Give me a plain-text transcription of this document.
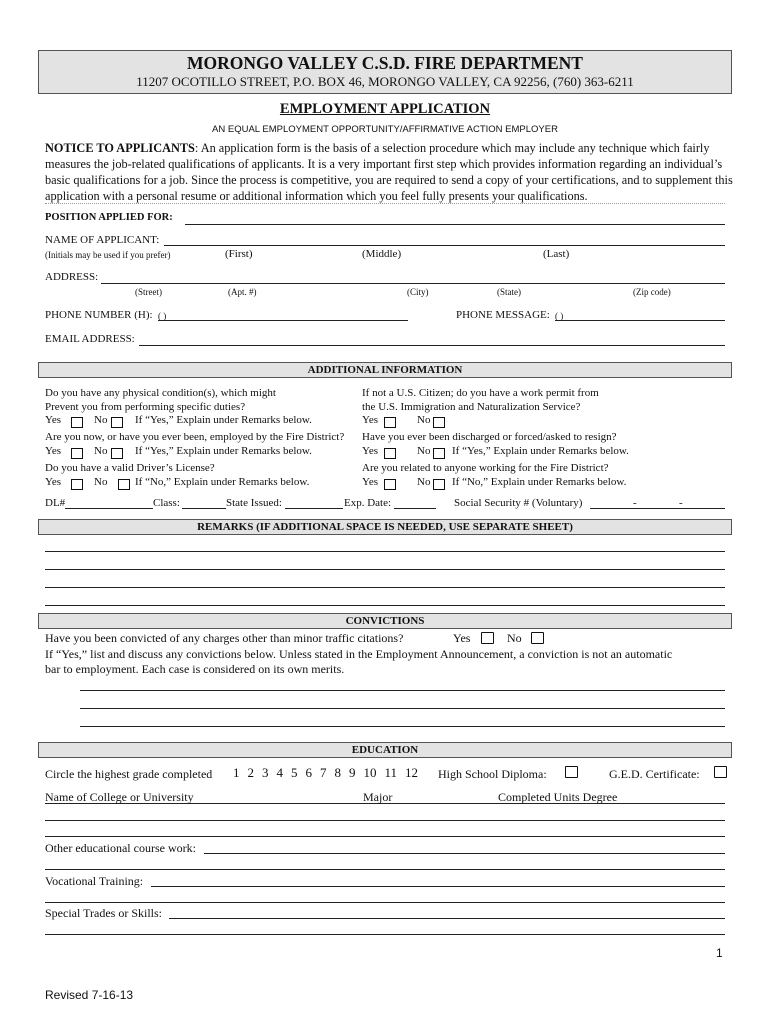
MORONGO VALLEY C.S.D. FIRE DEPARTMENT
11207 OCOTILLO STREET, P.O. BOX 46, MORONGO VALLEY, CA 92256, (760) 363-6211
EMPLOYMENT APPLICATION
AN EQUAL EMPLOYMENT OPPORTUNITY/AFFIRMATIVE ACTION EMPLOYER
NOTICE TO APPLICANTS: An application form is the basis of a selection procedure which may include any technique which fairly measures the job-related qualifications of applicants. It is a very important first step which provides information regarding an individual’s basic qualifications for a job. Since the process is competitive, you are required to send a copy of your certifications, and to supplement this application with a personal resume or additional information which you feel fully presents your qualifications.
POSITION APPLIED FOR:
NAME OF APPLICANT:
(Initials may be used if you prefer)	(First)	(Middle)	(Last)
ADDRESS:
(Street)	(Apt. #)	(City)	(State)	(Zip code)
PHONE NUMBER (H): ( )	PHONE MESSAGE: ( )
EMAIL ADDRESS:
ADDITIONAL INFORMATION
Do you have any physical condition(s), which might
Prevent you from performing specific duties?
Yes	No	If “Yes,” Explain under Remarks below.
If not a U.S. Citizen; do you have a work permit from
the U.S. Immigration and Naturalization Service?
Yes	No
Are you now, or have you ever been, employed by the Fire District?
Yes	No	If “Yes,” Explain under Remarks below.
Have you ever been discharged or forced/asked to resign?
Yes	No If “Yes,” Explain under Remarks below.
Do you have a valid Driver’s License?
Yes	No	If “No,” Explain under Remarks below.
Are you related to anyone working for the Fire District?
Yes	No If “No,” Explain under Remarks below.
DL#	Class:	State Issued:	Exp. Date:	Social Security # (Voluntary)	-	-
REMARKS (IF ADDITIONAL SPACE IS NEEDED, USE SEPARATE SHEET)
CONVICTIONS
Have you been convicted of any charges other than minor traffic citations?	Yes	No
If “Yes,” list and discuss any convictions below. Unless stated in the Employment Announcement, a conviction is not an automatic
bar to employment. Each case is considered on its own merits.
EDUCATION
Circle the highest grade completed 1 2 3 4 5 6 7 8 9 10 11 12 High School Diploma:	G.E.D. Certificate:
Name of College or University	Major	Completed Units Degree
Other educational course work:
Vocational Training:
Special Trades or Skills:
1
Revised 7-16-13
